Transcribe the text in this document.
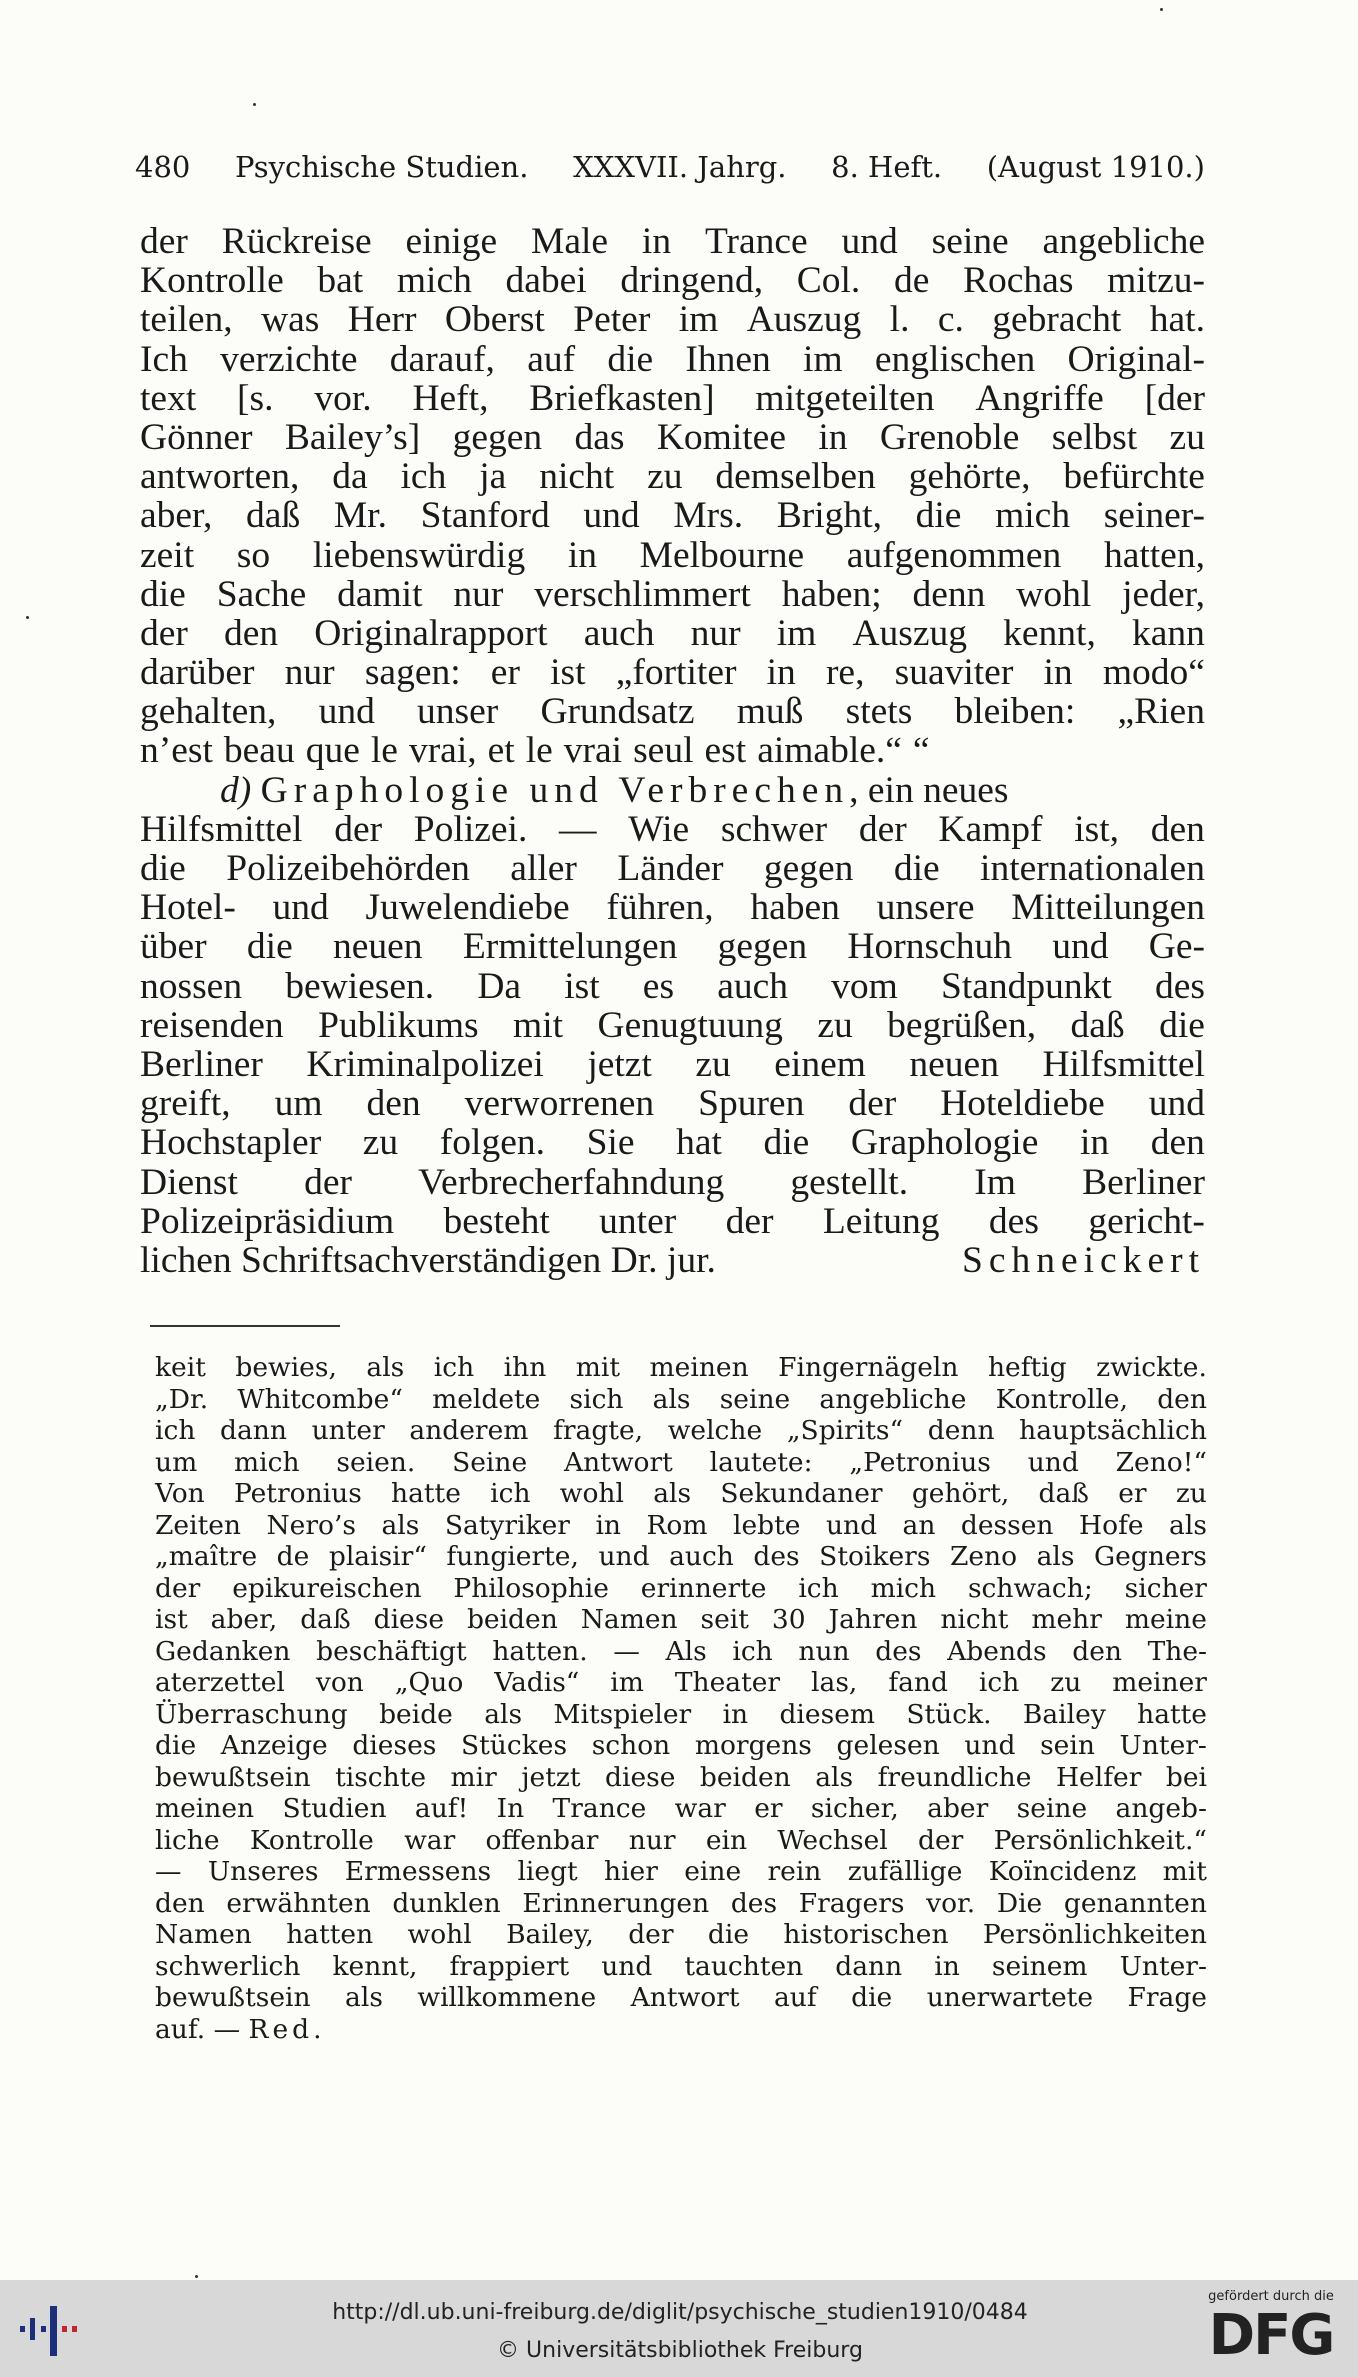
480 Psychische Studien. XXXVII. Jahrg. 8. Heft. (August 1910.)
der Rückreise einige Male in Trance und seine angebliche
Kontrolle bat mich dabei dringend, Col. de Rochas mitzu-
teilen, was Herr Oberst Peter im Auszug l. c. gebracht hat.
Ich verzichte darauf, auf die Ihnen im englischen Original-
text [s. vor. Heft, Briefkasten] mitgeteilten Angriffe [der
Gönner Bailey’s] gegen das Komitee in Grenoble selbst zu
antworten, da ich ja nicht zu demselben gehörte, befürchte
aber, daß Mr. Stanford und Mrs. Bright, die mich seiner-
zeit so liebenswürdig in Melbourne aufgenommen hatten,
die Sache damit nur verschlimmert haben; denn wohl jeder,
der den Originalrapport auch nur im Auszug kennt, kann
darüber nur sagen: er ist „fortiter in re, suaviter in modo“
gehalten, und unser Grundsatz muß stets bleiben: „Rien
n’est beau que le vrai, et le vrai seul est aimable.“ “
d) Graphologie und Verbrechen, ein neues
Hilfsmittel der Polizei. — Wie schwer der Kampf ist, den
die Polizeibehörden aller Länder gegen die internationalen
Hotel- und Juwelendiebe führen, haben unsere Mitteilungen
über die neuen Ermittelungen gegen Hornschuh und Ge-
nossen bewiesen. Da ist es auch vom Standpunkt des
reisenden Publikums mit Genugtuung zu begrüßen, daß die
Berliner Kriminalpolizei jetzt zu einem neuen Hilfsmittel
greift, um den verworrenen Spuren der Hoteldiebe und
Hochstapler zu folgen. Sie hat die Graphologie in den
Dienst der Verbrecherfahndung gestellt. Im Berliner
Polizeipräsidium besteht unter der Leitung des gericht-
lichen Schriftsachverständigen Dr. jur.	Schneickert
keit bewies, als ich ihn mit meinen Fingernägeln heftig zwickte.
„Dr. Whitcombe“ meldete sich als seine angebliche Kontrolle, den
ich dann unter anderem fragte, welche „Spirits“ denn hauptsächlich
um mich seien. Seine Antwort lautete: „Petronius und Zeno!“
Von Petronius hatte ich wohl als Sekundaner gehört, daß er zu
Zeiten Nero’s als Satyriker in Rom lebte und an dessen Hofe als
„maître de plaisir“ fungierte, und auch des Stoikers Zeno als Gegners
der epikureischen Philosophie erinnerte ich mich schwach; sicher
ist aber, daß diese beiden Namen seit 30 Jahren nicht mehr meine
Gedanken beschäftigt hatten. — Als ich nun des Abends den The-
aterzettel von „Quo Vadis“ im Theater las, fand ich zu meiner
Überraschung beide als Mitspieler in diesem Stück. Bailey hatte
die Anzeige dieses Stückes schon morgens gelesen und sein Unter-
bewußtsein tischte mir jetzt diese beiden als freundliche Helfer bei
meinen Studien auf! In Trance war er sicher, aber seine angeb-
liche Kontrolle war offenbar nur ein Wechsel der Persönlichkeit.“
— Unseres Ermessens liegt hier eine rein zufällige Koïncidenz mit
den erwähnten dunklen Erinnerungen des Fragers vor. Die genannten
Namen hatten wohl Bailey, der die historischen Persönlichkeiten
schwerlich kennt, frappiert und tauchten dann in seinem Unter-
bewußtsein als willkommene Antwort auf die unerwartete Frage
auf. —
Red.
http://dl.ub.uni-freiburg.de/diglit/psychische_studien1910/0484
© Universitätsbibliothek Freiburg
gefördert durch die
DFG
